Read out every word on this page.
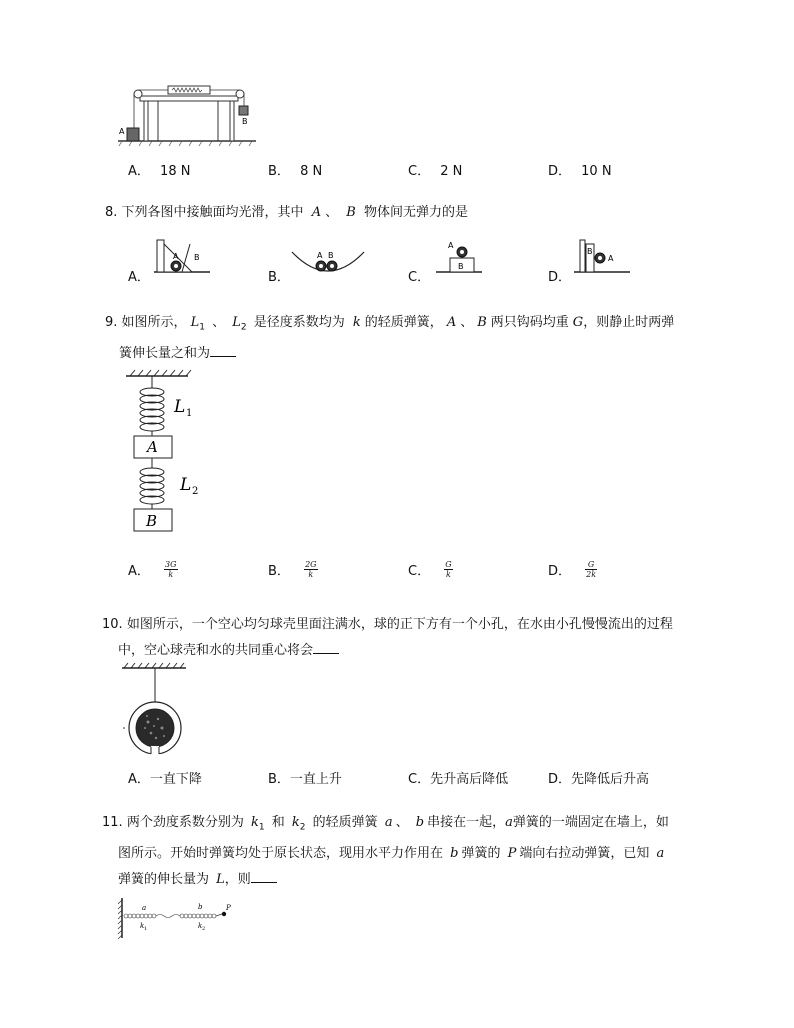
A
B
A． 18 N	B． 8 N	C． 2 N	D． 10 N
8. 下列各图中接触面均光滑，其中 A 、 B 物体间无弹力的是
A．
A B
B．
A B
C．
A
B
D．
B
A
9. 如图所示， $L_1$ 、 $L_2$ 是径度系数均为 k 的轻质弹簧， A 、 B 两只钩码均重 G，则静止时两弹
簧伸长量之和为
L 1
L 2
A
B
A． $\frac{3G}{k}$	B． $\frac{2G}{k}$	C． $\frac{G}{k}$	D． $\frac{G}{2k}$
10. 如图所示，一个空心均匀球壳里面注满水，球的正下方有一个小孔，在水由小孔慢慢流出的过程
中，空心球壳和水的共同重心将会
A．一直下降	B．一直上升	C．先升高后降低	D．先降低后升高
11. 两个劲度系数分别为 $k_1$ 和 $k_2$ 的轻质弹簧 a 、 b 串接在一起，a弹簧的一端固定在墙上，如
图所示。开始时弹簧均处于原长状态，现用水平力作用在 b 弹簧的 P 端向右拉动弹簧，已知 a
弹簧的伸长量为 L，则
a
k 1
b
k 2
P
